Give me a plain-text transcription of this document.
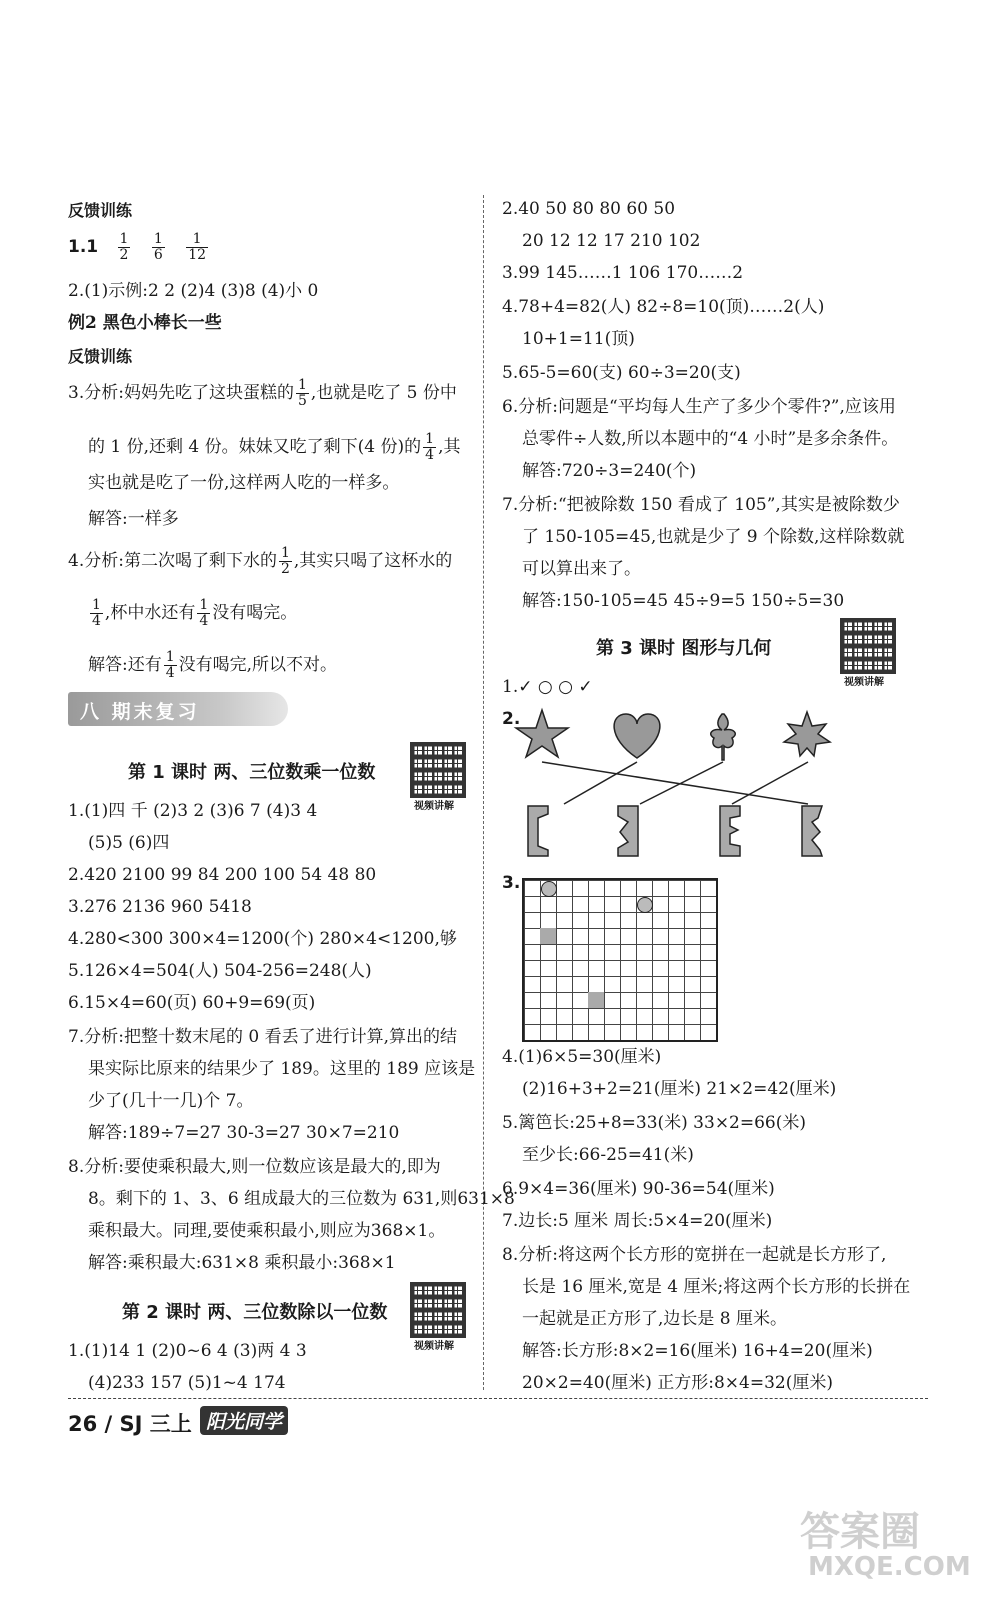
反馈训练
$1.1 \frac{1}{2}$
$\frac{1}{6}$
$\frac{1}{12}$
2.(1)示例:2 2 (2)4 (3)8 (4)小 0
例2 黑色小棒长一些
反馈训练
3.分析:妈妈先吃了这块蛋糕的 $\frac{1}{5}$ ,也就是吃了 5 份中
的 1 份,还剩 4 份。妹妹又吃了剩下(4 份)的 $\frac{1}{4}$ ,其
实也就是吃了一份,这样两人吃的一样多。
解答:一样多
4.分析:第二次喝了剩下水的 $\frac{1}{2}$ ,其实只喝了这杯水的
$\frac{1}{4}$ ,杯中水还有 $\frac{1}{4}$ 没有喝完。
解答:还有 $\frac{1}{4}$ 没有喝完,所以不对。
八 期末复习
第 1 课时 两、三位数乘一位数
视频讲解
1.(1)四 千 (2)3 2 (3)6 7 (4)3 4
(5)5 (6)四
2.420 2100 99 84 200 100 54 48 80
3.276 2136 960 5418
4.280<300 300×4=1200(个) 280×4<1200,够
5.126×4=504(人) 504-256=248(人)
6.15×4=60(页) 60+9=69(页)
7.分析:把整十数末尾的 0 看丢了进行计算,算出的结
果实际比原来的结果少了 189。这里的 189 应该是
少了(几十一几)个 7。
解答:189÷7=27 30-3=27 30×7=210
8.分析:要使乘积最大,则一位数应该是最大的,即为
8。剩下的 1、3、6 组成最大的三位数为 631,则631×8
乘积最大。同理,要使乘积最小,则应为368×1。
解答:乘积最大:631×8 乘积最小:368×1
第 2 课时 两、三位数除以一位数
视频讲解
1.(1)14 1 (2)0~6 4 (3)两 4 3
(4)233 157 (5)1~4 174
2.40 50 80 80 60 50
20 12 12 17 210 102
3.99 145……1 106 170……2
4.78+4=82(人) 82÷8=10(顶)……2(人)
10+1=11(顶)
5.65-5=60(支) 60÷3=20(支)
6.分析:问题是“平均每人生产了多少个零件?”,应该用
总零件÷人数,所以本题中的“4 小时”是多余条件。
解答:720÷3=240(个)
7.分析:“把被除数 150 看成了 105”,其实是被除数少
了 150-105=45,也就是少了 9 个除数,这样除数就
可以算出来了。
解答:150-105=45 45÷9=5 150÷5=30
第 3 课时 图形与几何
视频讲解
1.✓ ○ ○ ✓
2.
3.
4.(1)6×5=30(厘米)
(2)16+3+2=21(厘米) 21×2=42(厘米)
5.篱笆长:25+8=33(米) 33×2=66(米)
至少长:66-25=41(米)
6.9×4=36(厘米) 90-36=54(厘米)
7.边长:5 厘米 周长:5×4=20(厘米)
8.分析:将这两个长方形的宽拼在一起就是长方形了,
长是 16 厘米,宽是 4 厘米;将这两个长方形的长拼在
一起就是正方形了,边长是 8 厘米。
解答:长方形:8×2=16(厘米) 16+4=20(厘米)
20×2=40(厘米) 正方形:8×4=32(厘米)
26 / SJ 三上 阳光同学
答案圈
MXQE.COM
